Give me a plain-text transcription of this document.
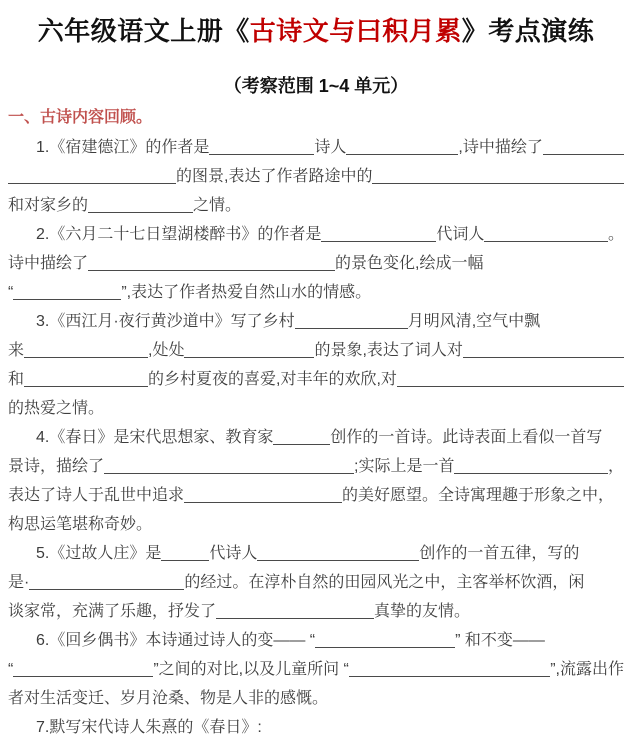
六年级语文上册《古诗文与曰积月累》考点演练
（考察范围 1~4 单元）
一、古诗内容回顾。
1.《宿建德江》的作者是	诗人	,诗中描绘了
的图景,表达了作者路途中的
和对家乡的	之情。
2.《六月二十七日望湖楼醉书》的作者是	代词人	。
诗中描绘了	的景色变化,绘成一幅
“	”,表达了作者热爱自然山水的情感。
3.《西江月·夜行黄沙道中》写了乡村	月明风清,空气中飘
来	,处处	的景象,表达了词人对
和	的乡村夏夜的喜爱,对丰年的欢欣,对
的热爱之情。
4.《春日》是宋代思想家、教育家	创作的一首诗。此诗表面上看似一首写
景诗，描绘了	;实际上是一首	，
表达了诗人于乱世中追求	的美好愿望。全诗寓理趣于形象之中，
构思运笔堪称奇妙。
5.《过故人庄》是	代诗人	创作的一首五律，写的
是·	的经过。在淳朴自然的田园风光之中，主客举杯饮酒，闲
谈家常，充满了乐趣，抒发了	真挚的友情。
6.《回乡偶书》本诗通过诗人的变—— “	” 和不变——
“	”之间的对比,以及儿童所问 “	”,流露出作
者对生活变迁、岁月沧桑、物是人非的感慨。
7.默写宋代诗人朱熹的《春日》:
